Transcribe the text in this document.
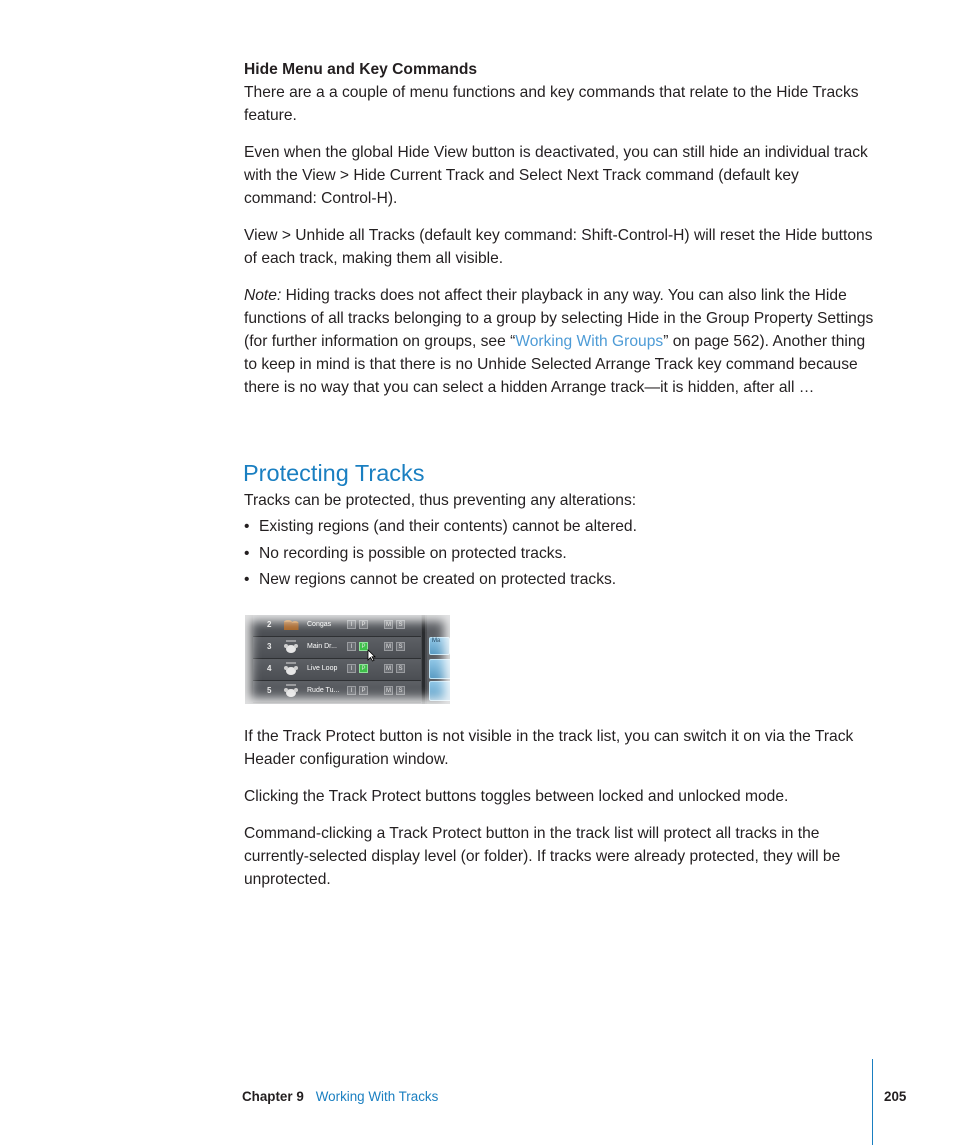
Hide Menu and Key Commands

There are a a couple of menu functions and key commands that relate to the Hide Tracks feature.

Even when the global Hide View button is deactivated, you can still hide an individual track with the View > Hide Current Track and Select Next Track command (default key command: Control-H).

View > Unhide all Tracks (default key command: Shift-Control-H) will reset the Hide buttons of each track, making them all visible.

Note: Hiding tracks does not affect their playback in any way. You can also link the Hide functions of all tracks belonging to a group by selecting Hide in the Group Property Settings (for further information on groups, see “Working With Groups” on page 562). Another thing to keep in mind is that there is no Unhide Selected Arrange Track key command because there is no way that you can select a hidden Arrange track—it is hidden, after all …

Protecting Tracks

Tracks can be protected, thus preventing any alterations:

• Existing regions (and their contents) cannot be altered.
• No recording is possible on protected tracks.
• New regions cannot be created on protected tracks.
2	Congas	I	P	M	S
3	Main Dr...	I	P	M	S
4	Live Loop	I	P	M	S
5	Rude Tu...	I	P	M	S
Ma

If the Track Protect button is not visible in the track list, you can switch it on via the Track Header configuration window.

Clicking the Track Protect buttons toggles between locked and unlocked mode.

Command-clicking a Track Protect button in the track list will protect all tracks in the currently-selected display level (or folder). If tracks were already protected, they will be unprotected.

Chapter 9 Working With Tracks	205
